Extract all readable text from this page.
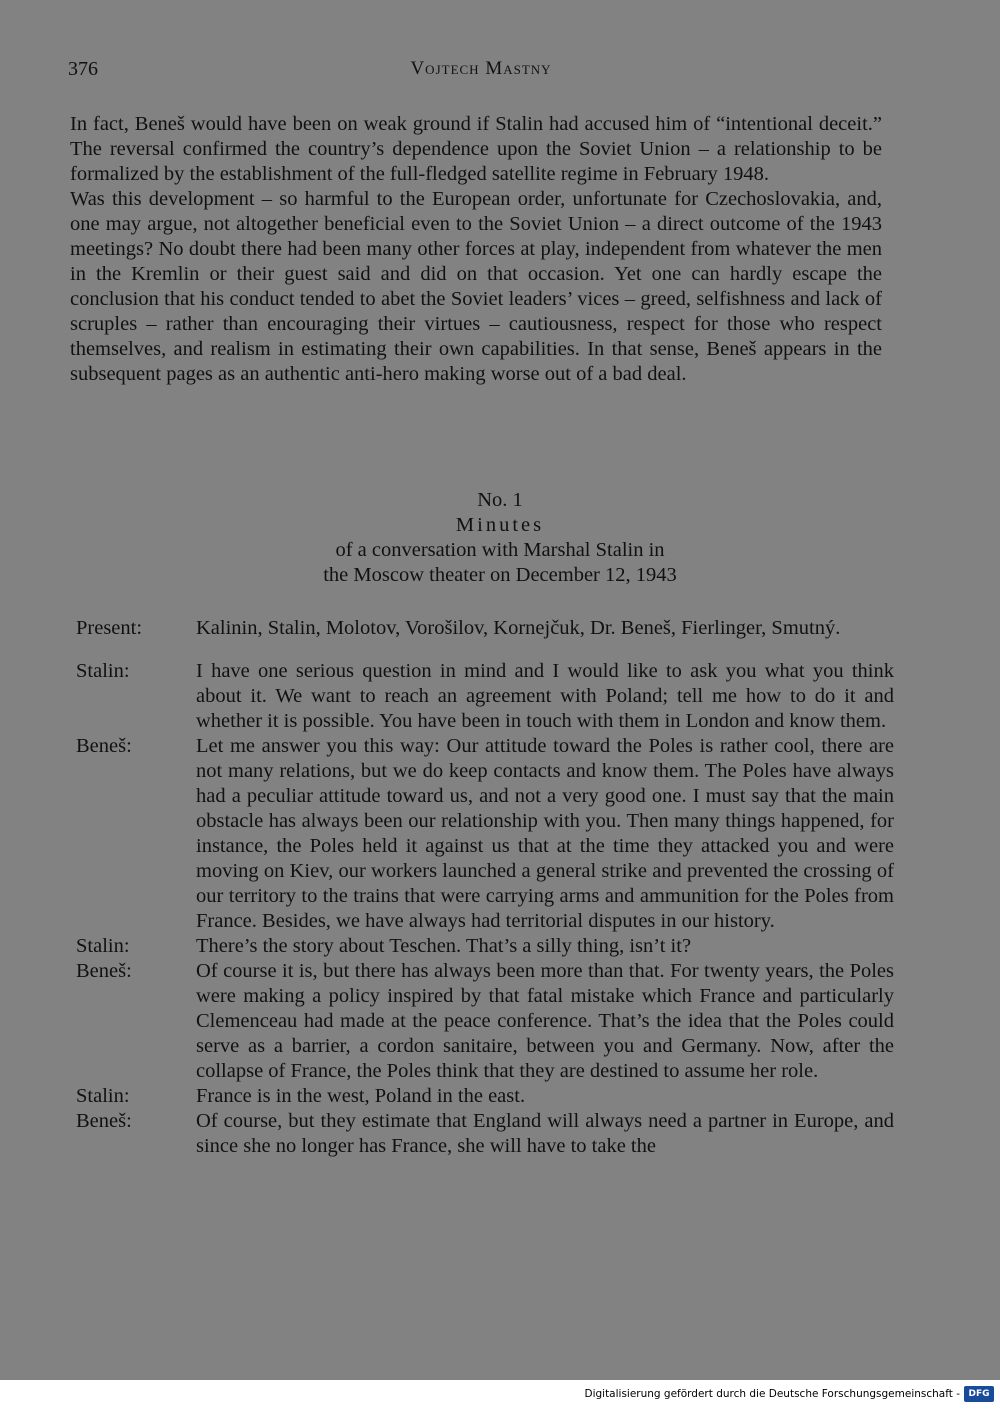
376	Vojtech Mastny

In fact, Beneš would have been on weak ground if Stalin had accused him of “intentional deceit.” The reversal confirmed the country’s dependence upon the Soviet Union – a relationship to be formalized by the establishment of the full-fledged satellite regime in February 1948.

Was this development – so harmful to the European order, unfortunate for Czechoslovakia, and, one may argue, not altogether beneficial even to the Soviet Union – a direct outcome of the 1943 meetings? No doubt there had been many other forces at play, independent from whatever the men in the Kremlin or their guest said and did on that occasion. Yet one can hardly escape the conclusion that his conduct tended to abet the Soviet leaders’ vices – greed, selfishness and lack of scruples – rather than encouraging their virtues – cautiousness, respect for those who respect themselves, and realism in estimating their own capabilities. In that sense, Beneš appears in the subsequent pages as an authentic anti-hero making worse out of a bad deal.

No. 1
Minutes
of a conversation with Marshal Stalin in
the Moscow theater on December 12, 1943
Present:	Kalinin, Stalin, Molotov, Vorošilov, Kornejčuk, Dr. Beneš, Fierlinger, Smutný.
Stalin:	I have one serious question in mind and I would like to ask you what you think about it. We want to reach an agreement with Poland; tell me how to do it and whether it is possible. You have been in touch with them in London and know them.
Beneš:	Let me answer you this way: Our attitude toward the Poles is rather cool, there are not many relations, but we do keep contacts and know them. The Poles have always had a peculiar attitude toward us, and not a very good one. I must say that the main obstacle has always been our relationship with you. Then many things happened, for instance, the Poles held it against us that at the time they attacked you and were moving on Kiev, our workers launched a general strike and prevented the crossing of our territory to the trains that were carrying arms and ammunition for the Poles from France. Besides, we have always had territorial disputes in our history.
Stalin:	There’s the story about Teschen. That’s a silly thing, isn’t it?
Beneš:	Of course it is, but there has always been more than that. For twenty years, the Poles were making a policy inspired by that fatal mistake which France and particularly Clemenceau had made at the peace conference. That’s the idea that the Poles could serve as a barrier, a cordon sanitaire, between you and Germany. Now, after the collapse of France, the Poles think that they are destined to assume her role.
Stalin:	France is in the west, Poland in the east.
Beneš:	Of course, but they estimate that England will always need a partner in Europe, and since she no longer has France, she will have to take the
Digitalisierung gefördert durch die Deutsche Forschungsgemeinschaft - DFG
